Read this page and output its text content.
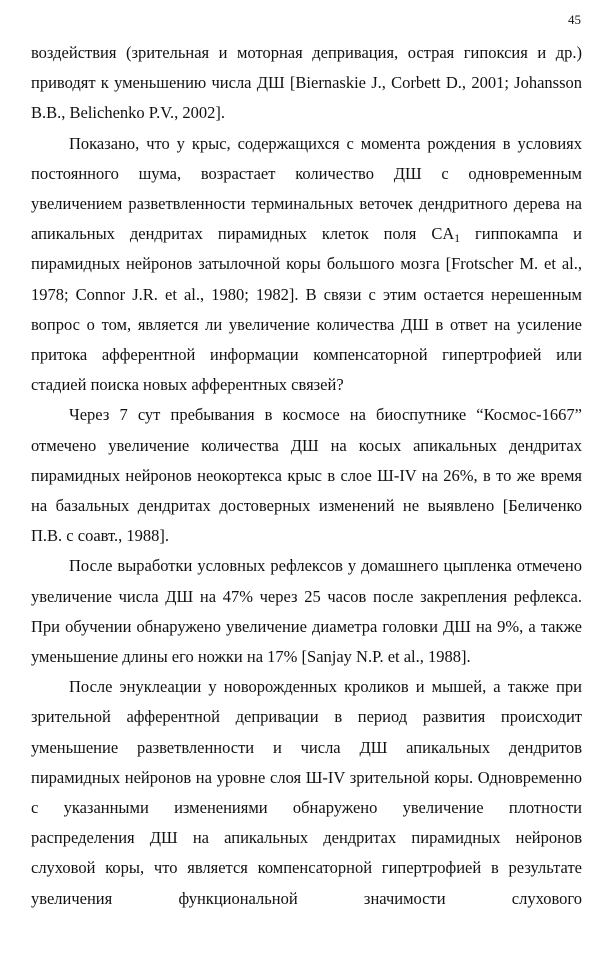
45

воздействия (зрительная и моторная депривация, острая гипоксия и др.) приводят к уменьшению числа ДШ [Biernaskie J., Corbett D., 2001; Johansson B.B., Belichenko P.V., 2002].

Показано, что у крыс, содержащихся с момента рождения в условиях постоянного шума, возрастает количество ДШ с одновременным увеличением разветвленности терминальных веточек дендритного дерева на апикальных дендритах пирамидных клеток поля $CA_1$ гиппокампа и пирамидных нейронов затылочной коры большого мозга [Frotscher M. et al., 1978; Connor J.R. et al., 1980; 1982]. В связи с этим остается нерешенным вопрос о том, является ли увеличение количества ДШ в ответ на усиление притока афферентной информации компенсаторной гипертрофией или стадией поиска новых афферентных связей?

Через 7 сут пребывания в космосе на биоспутнике “Космос-1667” отмечено увеличение количества ДШ на косых апикальных дендритах пирамидных нейронов неокортекса крыс в слое Ш-IV на 26%, в то же время на базальных дендритах достоверных изменений не выявлено [Беличенко П.В. с соавт., 1988].

После выработки условных рефлексов у домашнего цыпленка отмечено увеличение числа ДШ на 47% через 25 часов после закрепления рефлекса. При обучении обнаружено увеличение диаметра головки ДШ на 9%, а также уменьшение длины его ножки на 17% [Sanjay N.P. et al., 1988].

После энуклеации у новорожденных кроликов и мышей, а также при зрительной афферентной депривации в период развития происходит уменьшение разветвленности и числа ДШ апикальных дендритов пирамидных нейронов на уровне слоя Ш-IV зрительной коры. Одновременно с указанными изменениями обнаружено увеличение плотности распределения ДШ на апикальных дендритах пирамидных нейронов слуховой коры, что является компенсаторной гипертрофией в результате увеличения функциональной значимости слухового
